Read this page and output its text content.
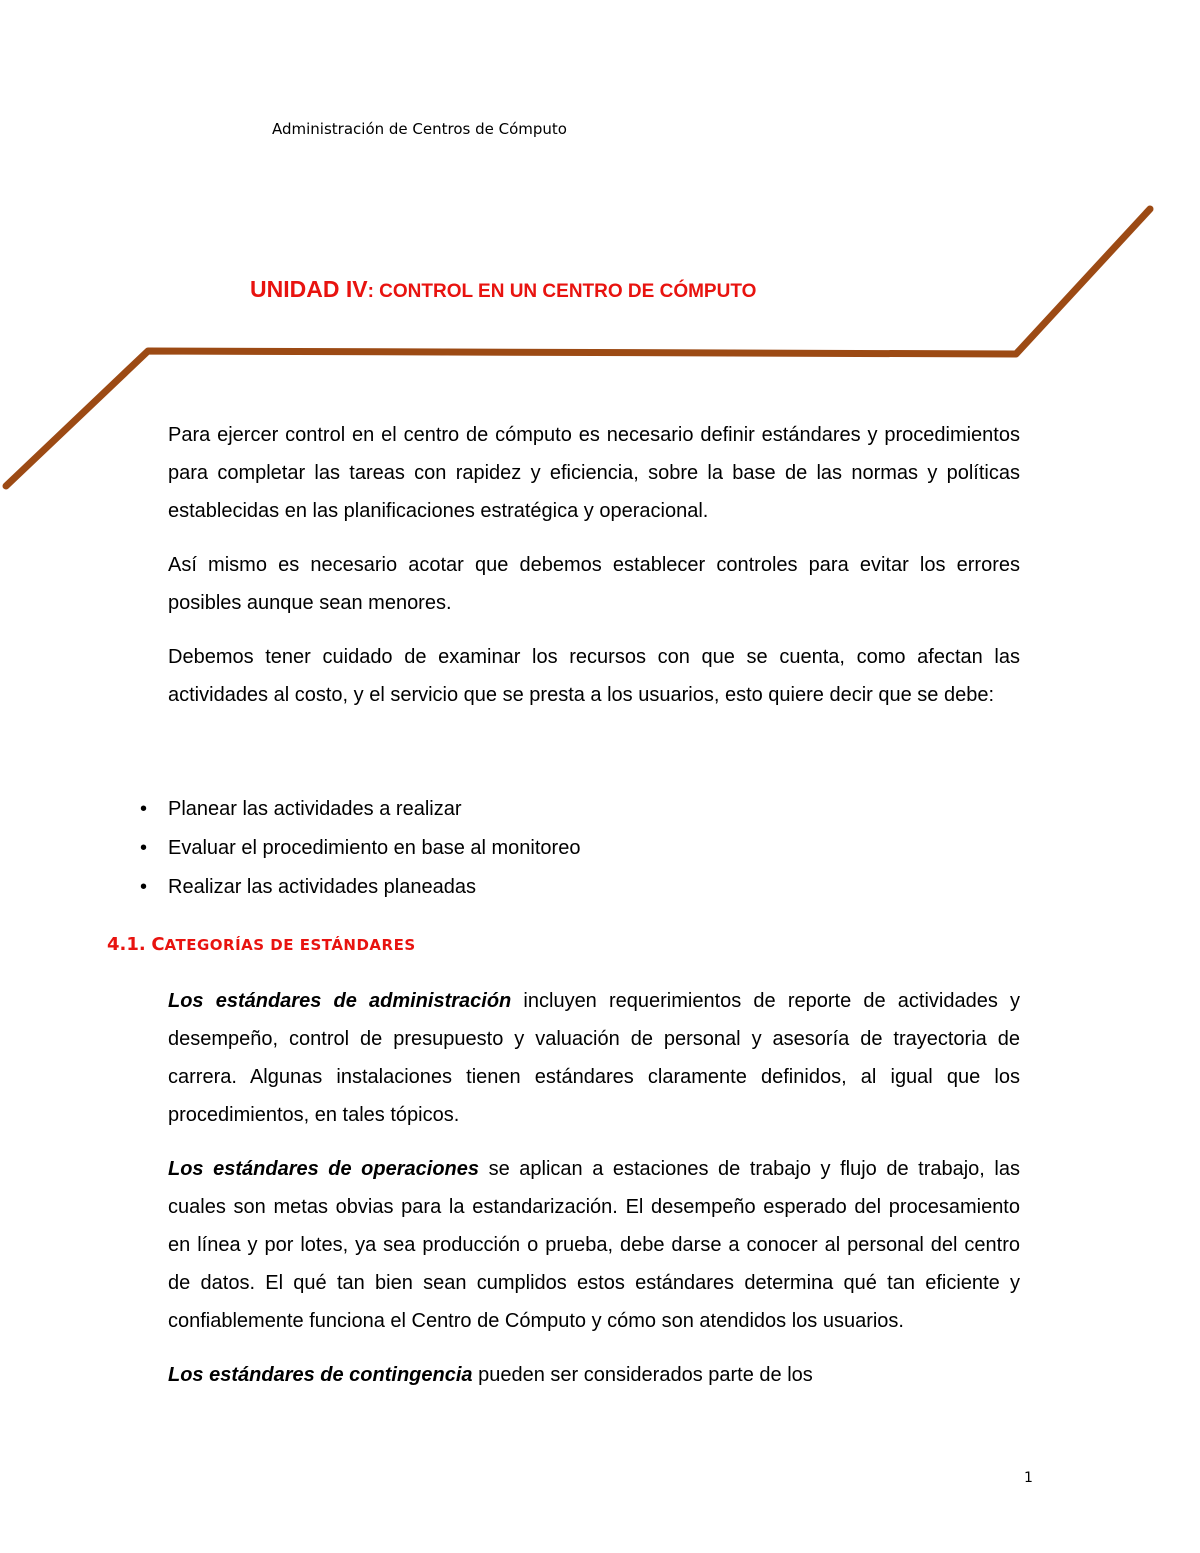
Administración de Centros de Cómputo
UNIDAD IV: CONTROL EN UN CENTRO DE CÓMPUTO

Para ejercer control en el centro de cómputo es necesario definir estándares y procedimientos para completar las tareas con rapidez y eficiencia, sobre la base de las normas y políticas establecidas en las planificaciones estratégica y operacional.

Así mismo es necesario acotar que debemos establecer controles para evitar los errores posibles aunque sean menores.

Debemos tener cuidado de examinar los recursos con que se cuenta, como afectan las actividades al costo, y el servicio que se presta a los usuarios, esto quiere decir que se debe:

• Planear las actividades a realizar
• Evaluar el procedimiento en base al monitoreo
• Realizar las actividades planeadas
4.1. CATEGORÍAS DE ESTÁNDARES

Los estándares de administración incluyen requerimientos de reporte de actividades y desempeño, control de presupuesto y valuación de personal y asesoría de trayectoria de carrera. Algunas instalaciones tienen estándares claramente definidos, al igual que los procedimientos, en tales tópicos.

Los estándares de operaciones se aplican a estaciones de trabajo y flujo de trabajo, las cuales son metas obvias para la estandarización. El desempeño esperado del procesamiento en línea y por lotes, ya sea producción o prueba, debe darse a conocer al personal del centro de datos. El qué tan bien sean cumplidos estos estándares determina qué tan eficiente y confiablemente funciona el Centro de Cómputo y cómo son atendidos los usuarios.

Los estándares de contingencia pueden ser considerados parte de los

1
